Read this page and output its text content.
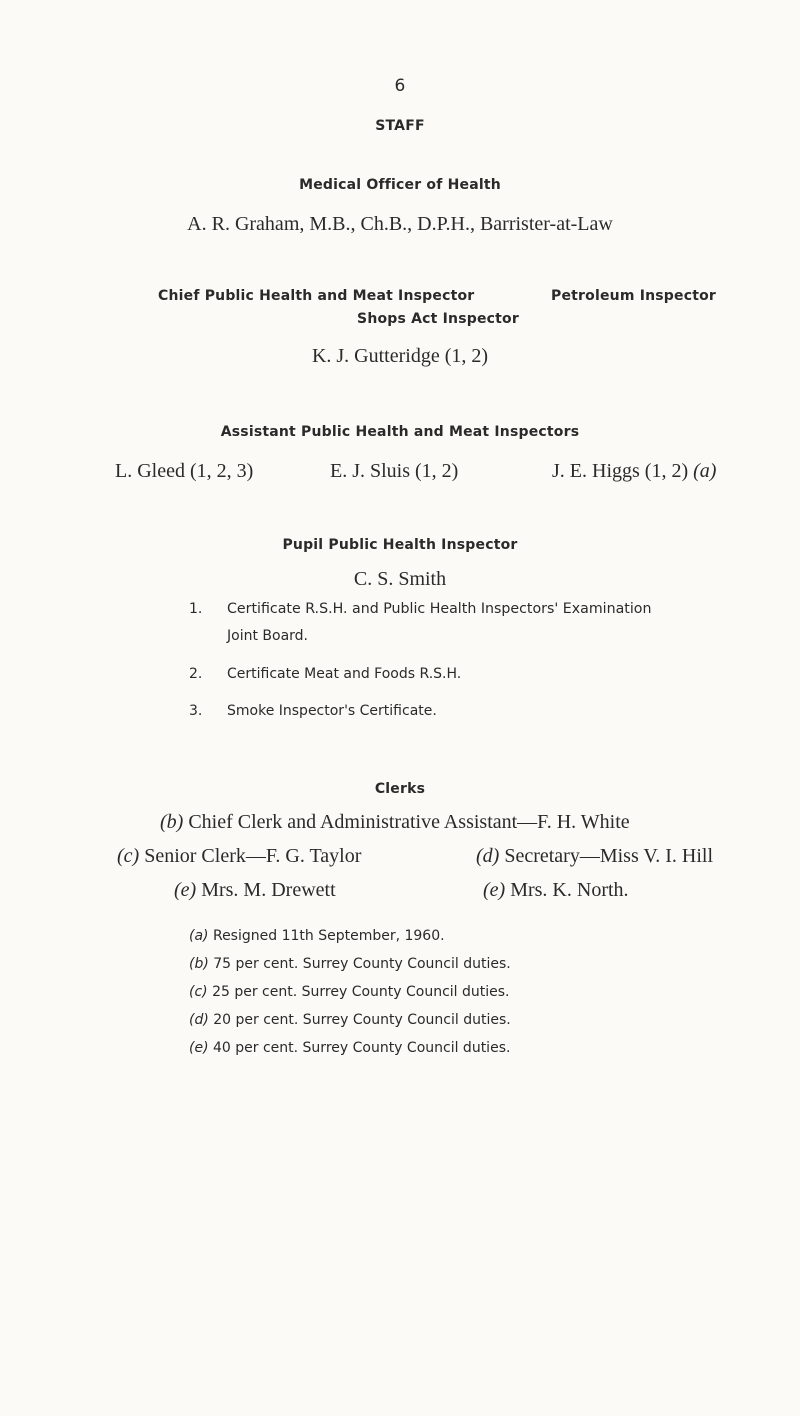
6
STAFF
Medical Officer of Health
A. R. Graham, M.B., Ch.B., D.P.H., Barrister-at-Law
Chief Public Health and Meat Inspector	Petroleum Inspector
Shops Act Inspector
K. J. Gutteridge (1, 2)
Assistant Public Health and Meat Inspectors
L. Gleed (1, 2, 3)	E. J. Sluis (1, 2)	J. E. Higgs (1, 2) (a)
Pupil Public Health Inspector
C. S. Smith
1. Certificate R.S.H. and Public Health Inspectors' Examination
Joint Board.
2. Certificate Meat and Foods R.S.H.
3. Smoke Inspector's Certificate.
Clerks
(b) Chief Clerk and Administrative Assistant—F. H. White
(c) Senior Clerk—F. G. Taylor	(d) Secretary—Miss V. I. Hill
(e) Mrs. M. Drewett	(e) Mrs. K. North.
(a) Resigned 11th September, 1960.
(b) 75 per cent. Surrey County Council duties.
(c) 25 per cent. Surrey County Council duties.
(d) 20 per cent. Surrey County Council duties.
(e) 40 per cent. Surrey County Council duties.
